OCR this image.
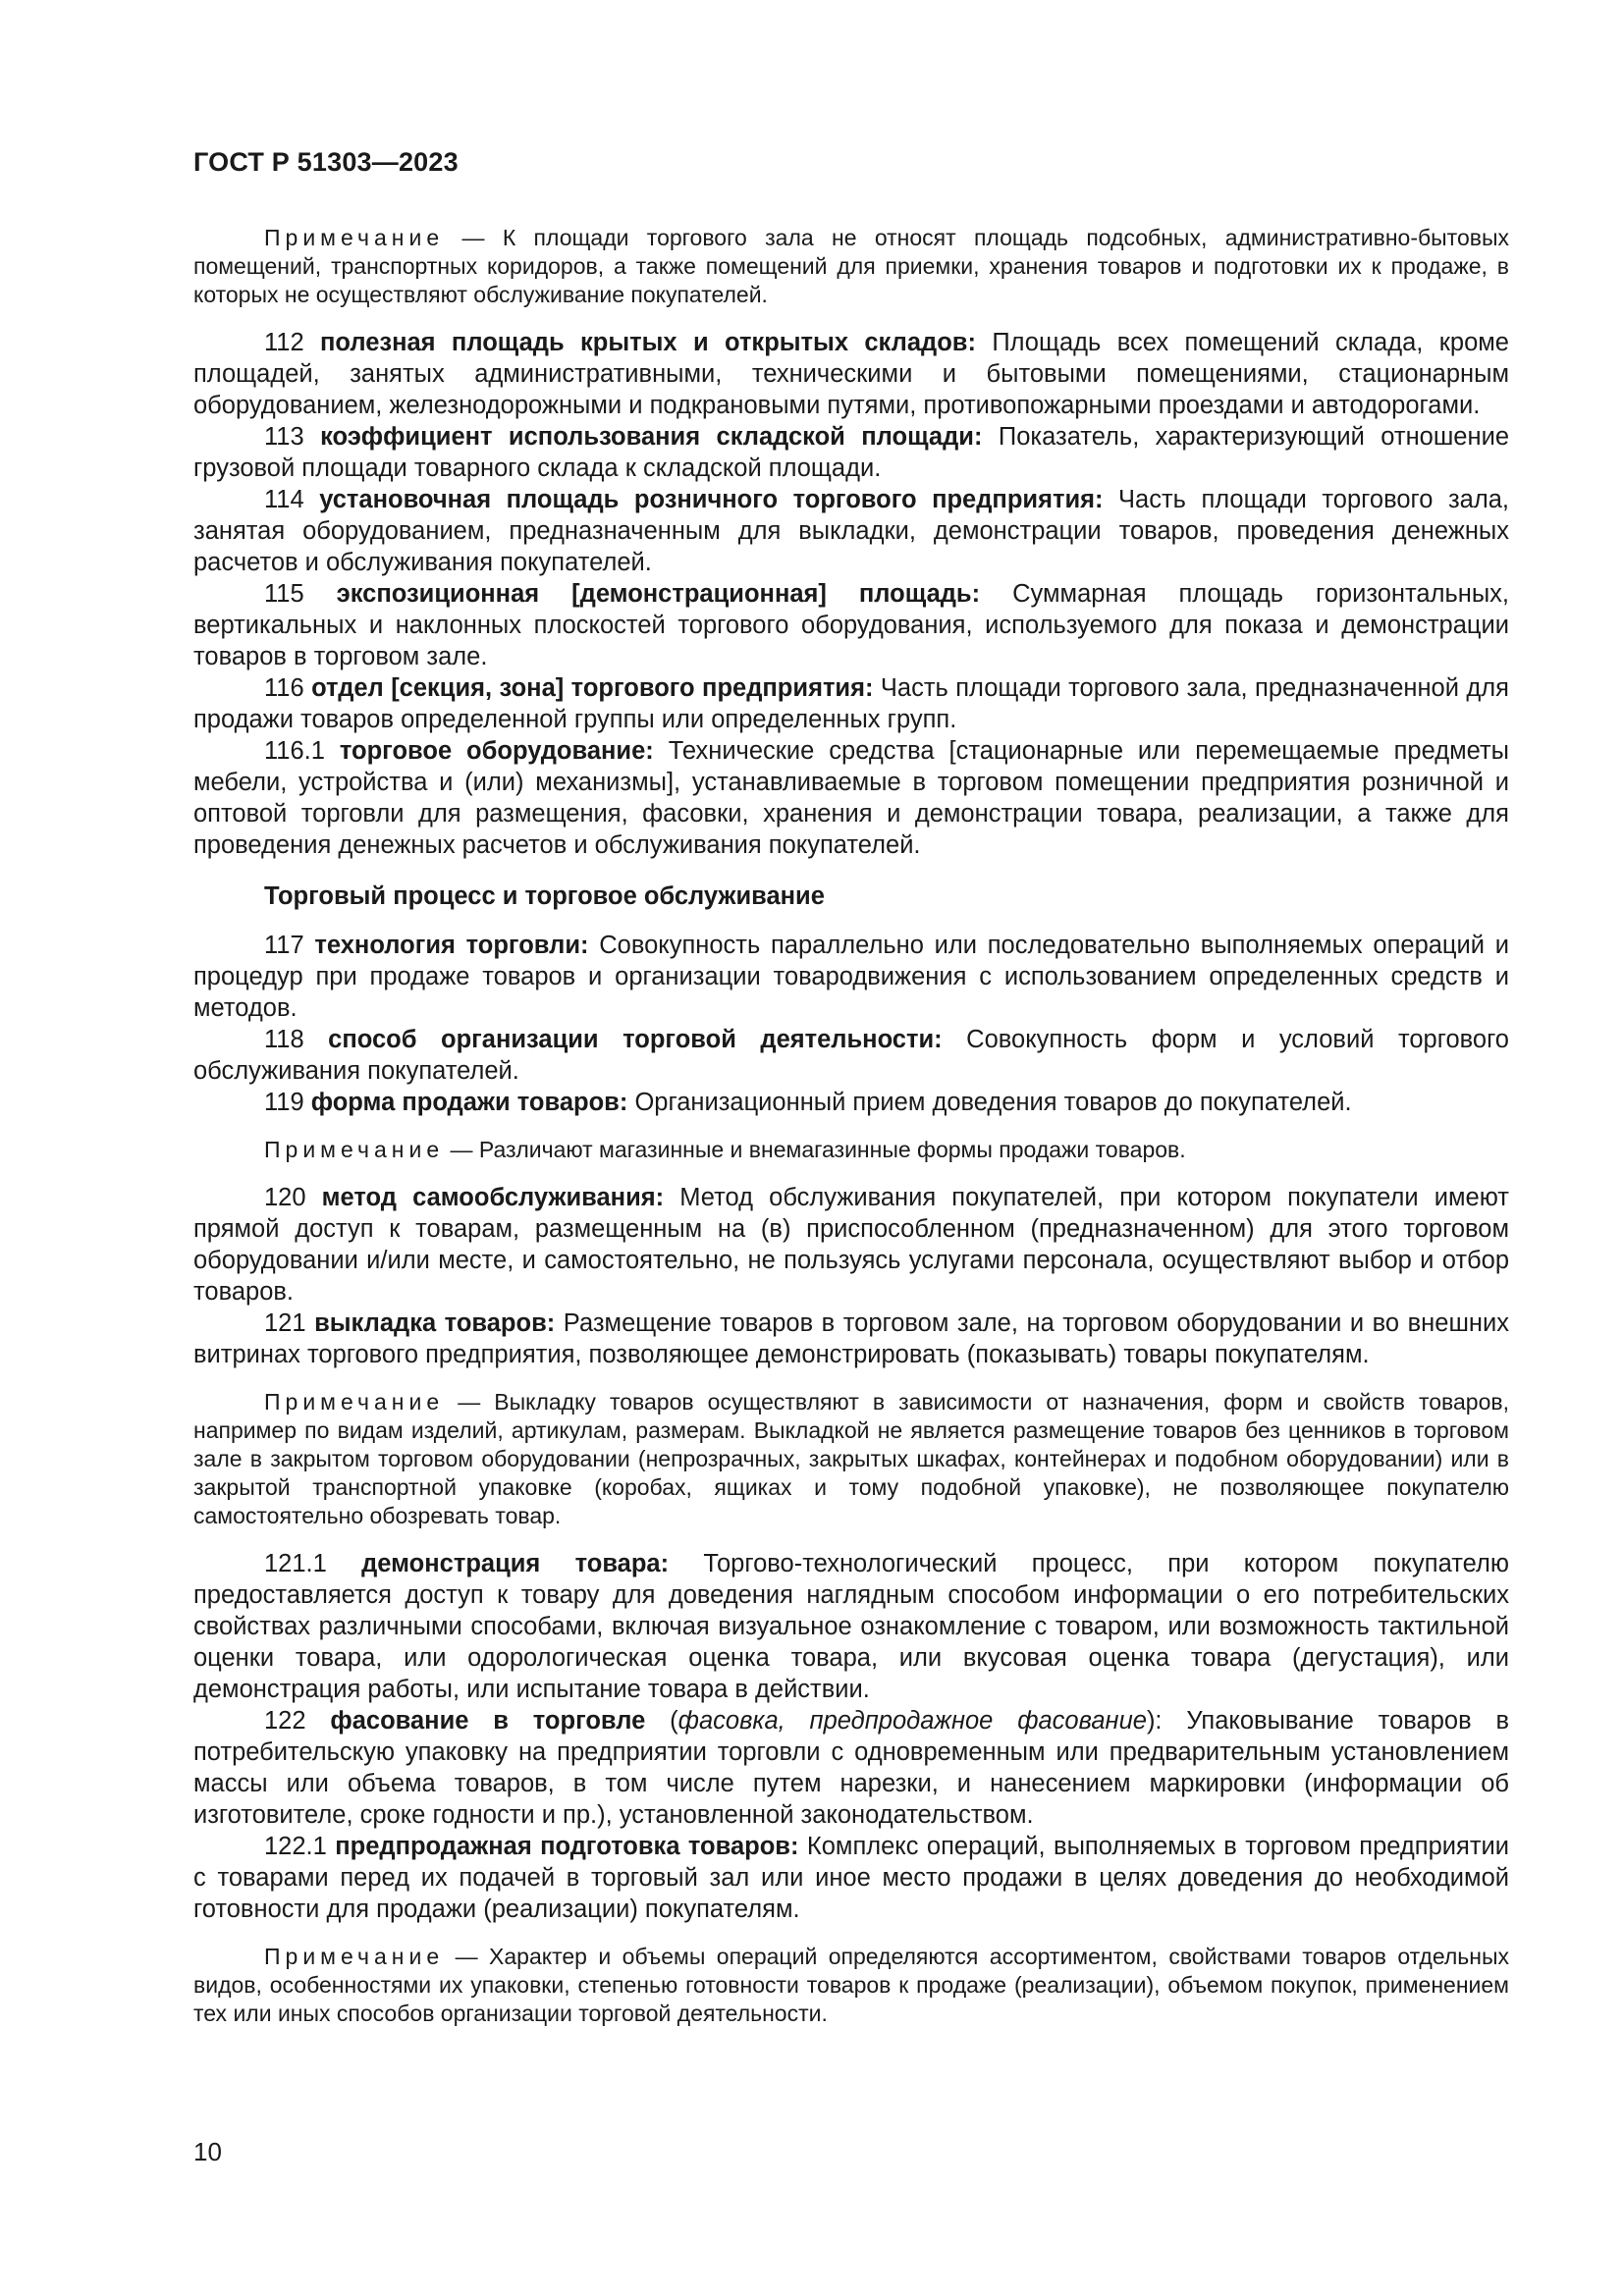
ГОСТ Р 51303—2023

Примечание — К площади торгового зала не относят площадь подсобных, административно-бытовых помещений, транспортных коридоров, а также помещений для приемки, хранения товаров и подготовки их к продаже, в которых не осуществляют обслуживание покупателей.

112 полезная площадь крытых и открытых складов: Площадь всех помещений склада, кроме площадей, занятых административными, техническими и бытовыми помещениями, стационарным оборудованием, железнодорожными и подкрановыми путями, противопожарными проездами и автодорогами.

113 коэффициент использования складской площади: Показатель, характеризующий отношение грузовой площади товарного склада к складской площади.

114 установочная площадь розничного торгового предприятия: Часть площади торгового зала, занятая оборудованием, предназначенным для выкладки, демонстрации товаров, проведения денежных расчетов и обслуживания покупателей.

115 экспозиционная [демонстрационная] площадь: Суммарная площадь горизонтальных, вертикальных и наклонных плоскостей торгового оборудования, используемого для показа и демонстрации товаров в торговом зале.

116 отдел [секция, зона] торгового предприятия: Часть площади торгового зала, предназначенной для продажи товаров определенной группы или определенных групп.

116.1 торговое оборудование: Технические средства [стационарные или перемещаемые предметы мебели, устройства и (или) механизмы], устанавливаемые в торговом помещении предприятия розничной и оптовой торговли для размещения, фасовки, хранения и демонстрации товара, реализации, а также для проведения денежных расчетов и обслуживания покупателей.

Торговый процесс и торговое обслуживание

117 технология торговли: Совокупность параллельно или последовательно выполняемых операций и процедур при продаже товаров и организации товародвижения с использованием определенных средств и методов.

118 способ организации торговой деятельности: Совокупность форм и условий торгового обслуживания покупателей.

119 форма продажи товаров: Организационный прием доведения товаров до покупателей.

Примечание — Различают магазинные и внемагазинные формы продажи товаров.

120 метод самообслуживания: Метод обслуживания покупателей, при котором покупатели имеют прямой доступ к товарам, размещенным на (в) приспособленном (предназначенном) для этого торговом оборудовании и/или месте, и самостоятельно, не пользуясь услугами персонала, осуществляют выбор и отбор товаров.

121 выкладка товаров: Размещение товаров в торговом зале, на торговом оборудовании и во внешних витринах торгового предприятия, позволяющее демонстрировать (показывать) товары покупателям.

Примечание — Выкладку товаров осуществляют в зависимости от назначения, форм и свойств товаров, например по видам изделий, артикулам, размерам. Выкладкой не является размещение товаров без ценников в торговом зале в закрытом торговом оборудовании (непрозрачных, закрытых шкафах, контейнерах и подобном оборудовании) или в закрытой транспортной упаковке (коробах, ящиках и тому подобной упаковке), не позволяющее покупателю самостоятельно обозревать товар.

121.1 демонстрация товара: Торгово-технологический процесс, при котором покупателю предоставляется доступ к товару для доведения наглядным способом информации о его потребительских свойствах различными способами, включая визуальное ознакомление с товаром, или возможность тактильной оценки товара, или одорологическая оценка товара, или вкусовая оценка товара (дегустация), или демонстрация работы, или испытание товара в действии.

122 фасование в торговле (фасовка, предпродажное фасование): Упаковывание товаров в потребительскую упаковку на предприятии торговли с одновременным или предварительным установлением массы или объема товаров, в том числе путем нарезки, и нанесением маркировки (информации об изготовителе, сроке годности и пр.), установленной законодательством.

122.1 предпродажная подготовка товаров: Комплекс операций, выполняемых в торговом предприятии с товарами перед их подачей в торговый зал или иное место продажи в целях доведения до необходимой готовности для продажи (реализации) покупателям.

Примечание — Характер и объемы операций определяются ассортиментом, свойствами товаров отдельных видов, особенностями их упаковки, степенью готовности товаров к продаже (реализации), объемом покупок, применением тех или иных способов организации торговой деятельности.

10
